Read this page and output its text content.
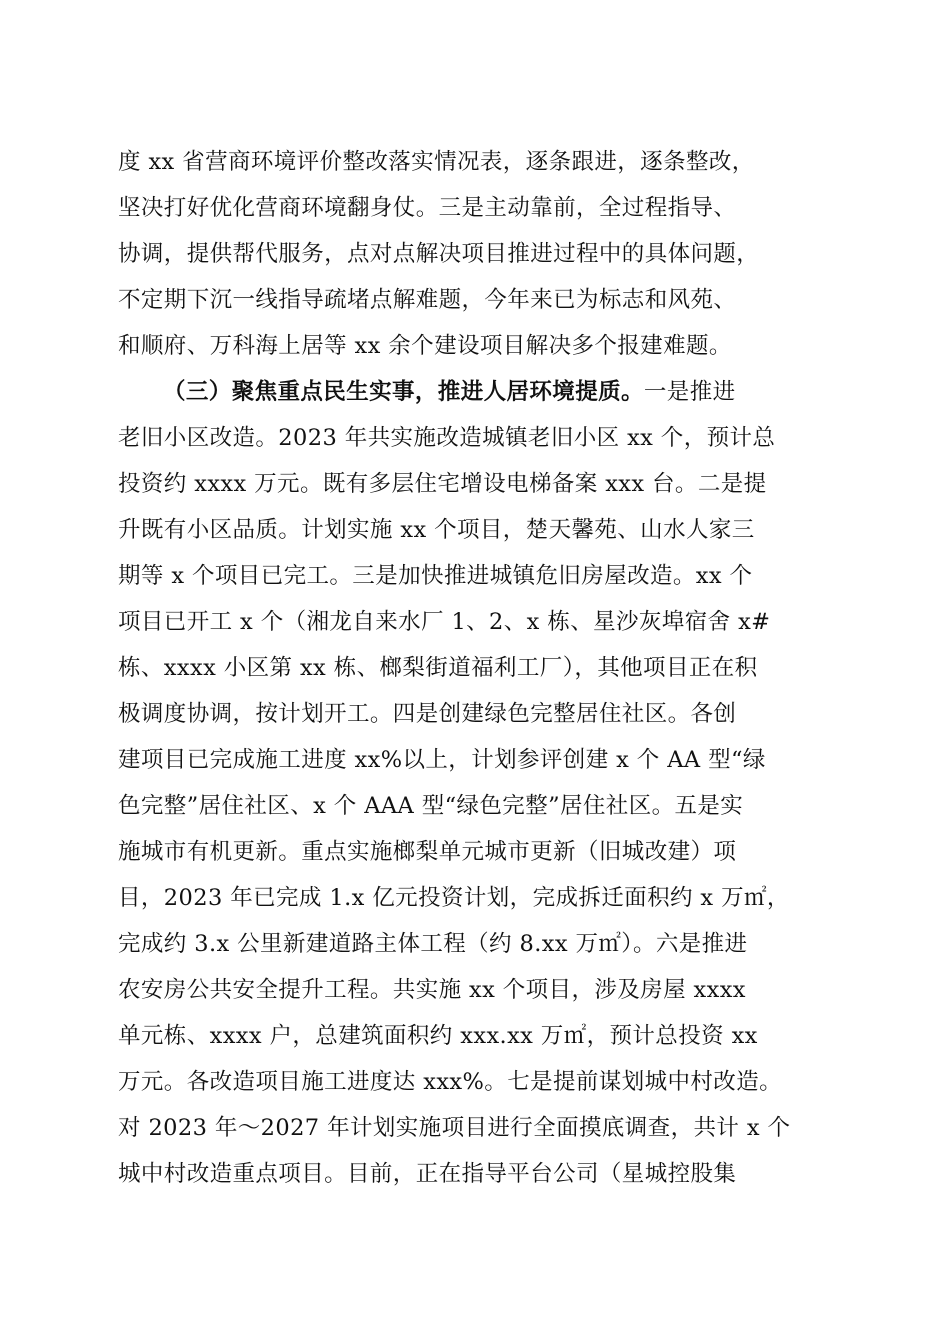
度 xx 省营商环境评价整改落实情况表，逐条跟进，逐条整改，
坚决打好优化营商环境翻身仗。三是主动靠前，全过程指导、
协调，提供帮代服务，点对点解决项目推进过程中的具体问题，
不定期下沉一线指导疏堵点解难题，今年来已为标志和风苑、
和顺府、万科海上居等 xx 余个建设项目解决多个报建难题。
（三）聚焦重点民生实事，推进人居环境提质。一是推进
老旧小区改造。2023 年共实施改造城镇老旧小区 xx 个，预计总
投资约 xxxx 万元。既有多层住宅增设电梯备案 xxx 台。二是提
升既有小区品质。计划实施 xx 个项目，楚天馨苑、山水人家三
期等 x 个项目已完工。三是加快推进城镇危旧房屋改造。xx 个
项目已开工 x 个（湘龙自来水厂 1、2、x 栋、星沙灰埠宿舍 x#
栋、xxxx 小区第 xx 栋、榔梨街道福利工厂），其他项目正在积
极调度协调，按计划开工。四是创建绿色完整居住社区。各创
建项目已完成施工进度 xx%以上，计划参评创建 x 个 AA 型“绿
色完整”居住社区、x 个 AAA 型“绿色完整”居住社区。五是实
施城市有机更新。重点实施榔梨单元城市更新（旧城改建）项
目，2023 年已完成 1.x 亿元投资计划，完成拆迁面积约 x 万㎡，
完成约 3.x 公里新建道路主体工程（约 8.xx 万㎡）。六是推进
农安房公共安全提升工程。共实施 xx 个项目，涉及房屋 xxxx
单元栋、xxxx 户，总建筑面积约 xxx.xx 万㎡，预计总投资 xx
万元。各改造项目施工进度达 xxx%。七是提前谋划城中村改造。
对 2023 年～2027 年计划实施项目进行全面摸底调查，共计 x 个
城中村改造重点项目。目前，正在指导平台公司（星城控股集
